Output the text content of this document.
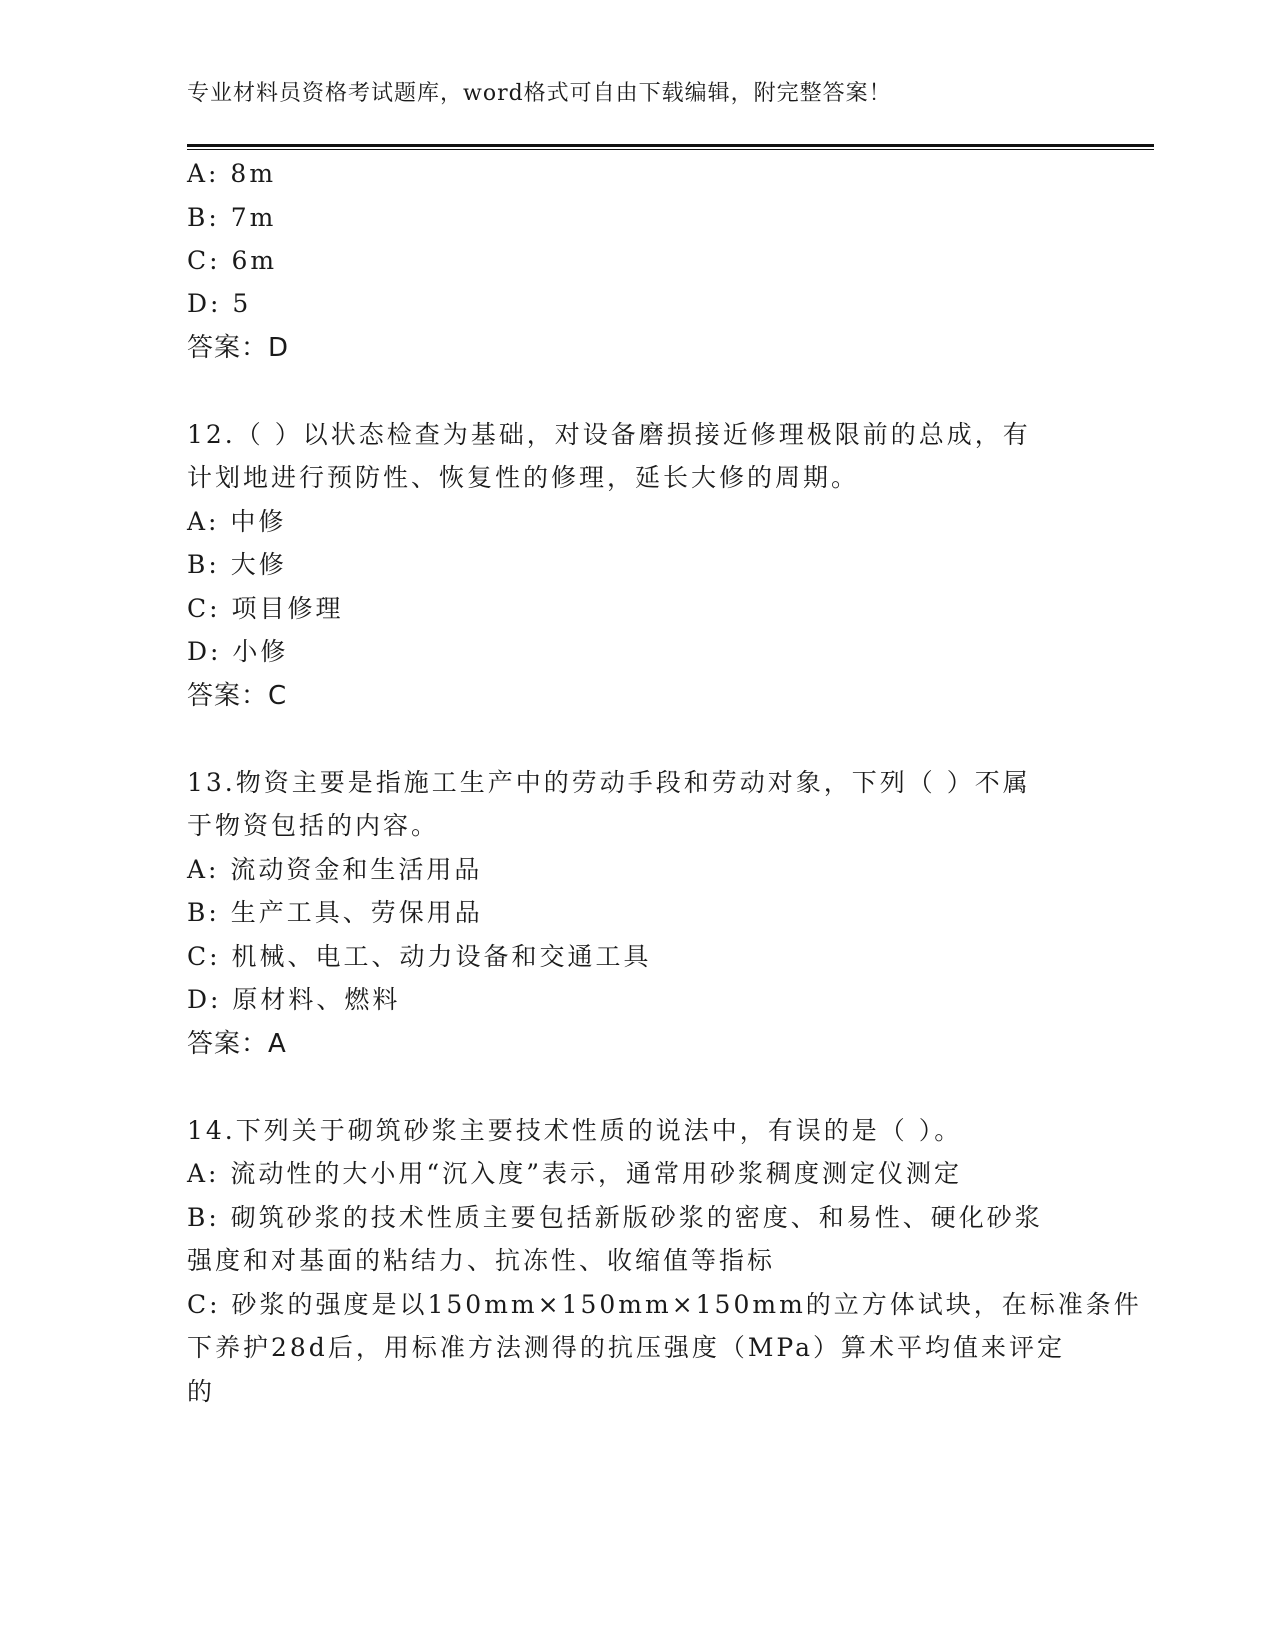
专业材料员资格考试题库，word格式可自由下载编辑，附完整答案！
A: 8m
B: 7m
C: 6m
D: 5
答案：D
12.（ ）以状态检查为基础，对设备磨损接近修理极限前的总成，有
计划地进行预防性、恢复性的修理，延长大修的周期。
A: 中修
B: 大修
C: 项目修理
D: 小修
答案：C
13.物资主要是指施工生产中的劳动手段和劳动对象，下列（ ）不属
于物资包括的内容。
A: 流动资金和生活用品
B: 生产工具、劳保用品
C: 机械、电工、动力设备和交通工具
D: 原材料、燃料
答案：A
14.下列关于砌筑砂浆主要技术性质的说法中，有误的是（ ）。
A: 流动性的大小用“沉入度”表示，通常用砂浆稠度测定仪测定
B: 砌筑砂浆的技术性质主要包括新版砂浆的密度、和易性、硬化砂浆
强度和对基面的粘结力、抗冻性、收缩值等指标
C: 砂浆的强度是以150mm×150mm×150mm的立方体试块，在标准条件
下养护28d后，用标准方法测得的抗压强度（MPa）算术平均值来评定
的
